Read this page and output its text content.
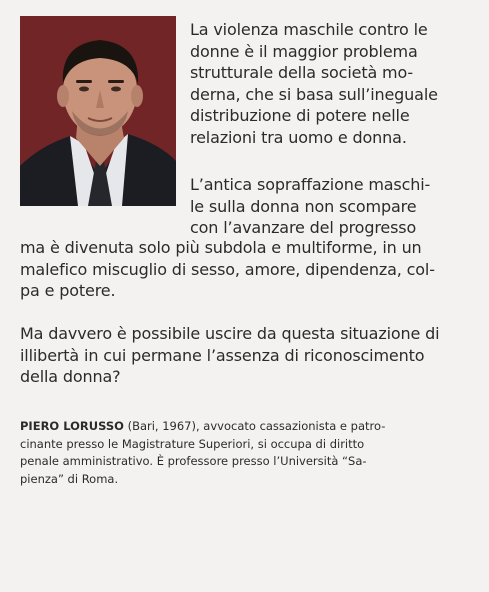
La violenza maschile contro le
donne è il maggior problema
strutturale della società mo-
derna, che si basa sull’ineguale
distribuzione di potere nelle
relazioni tra uomo e donna.

L’antica sopraffazione maschi-
le sulla donna non scompare
con l’avanzare del progresso

ma è divenuta solo più subdola e multiforme, in un
malefico miscuglio di sesso, amore, dipendenza, col-
pa e potere.

Ma davvero è possibile uscire da questa situazione di
illibertà in cui permane l’assenza di riconoscimento
della donna?

PIERO LORUSSO (Bari, 1967), avvocato cassazionista e patro-
cinante presso le Magistrature Superiori, si occupa di diritto
penale amministrativo. È professore presso l’Università “Sa-
pienza” di Roma.
